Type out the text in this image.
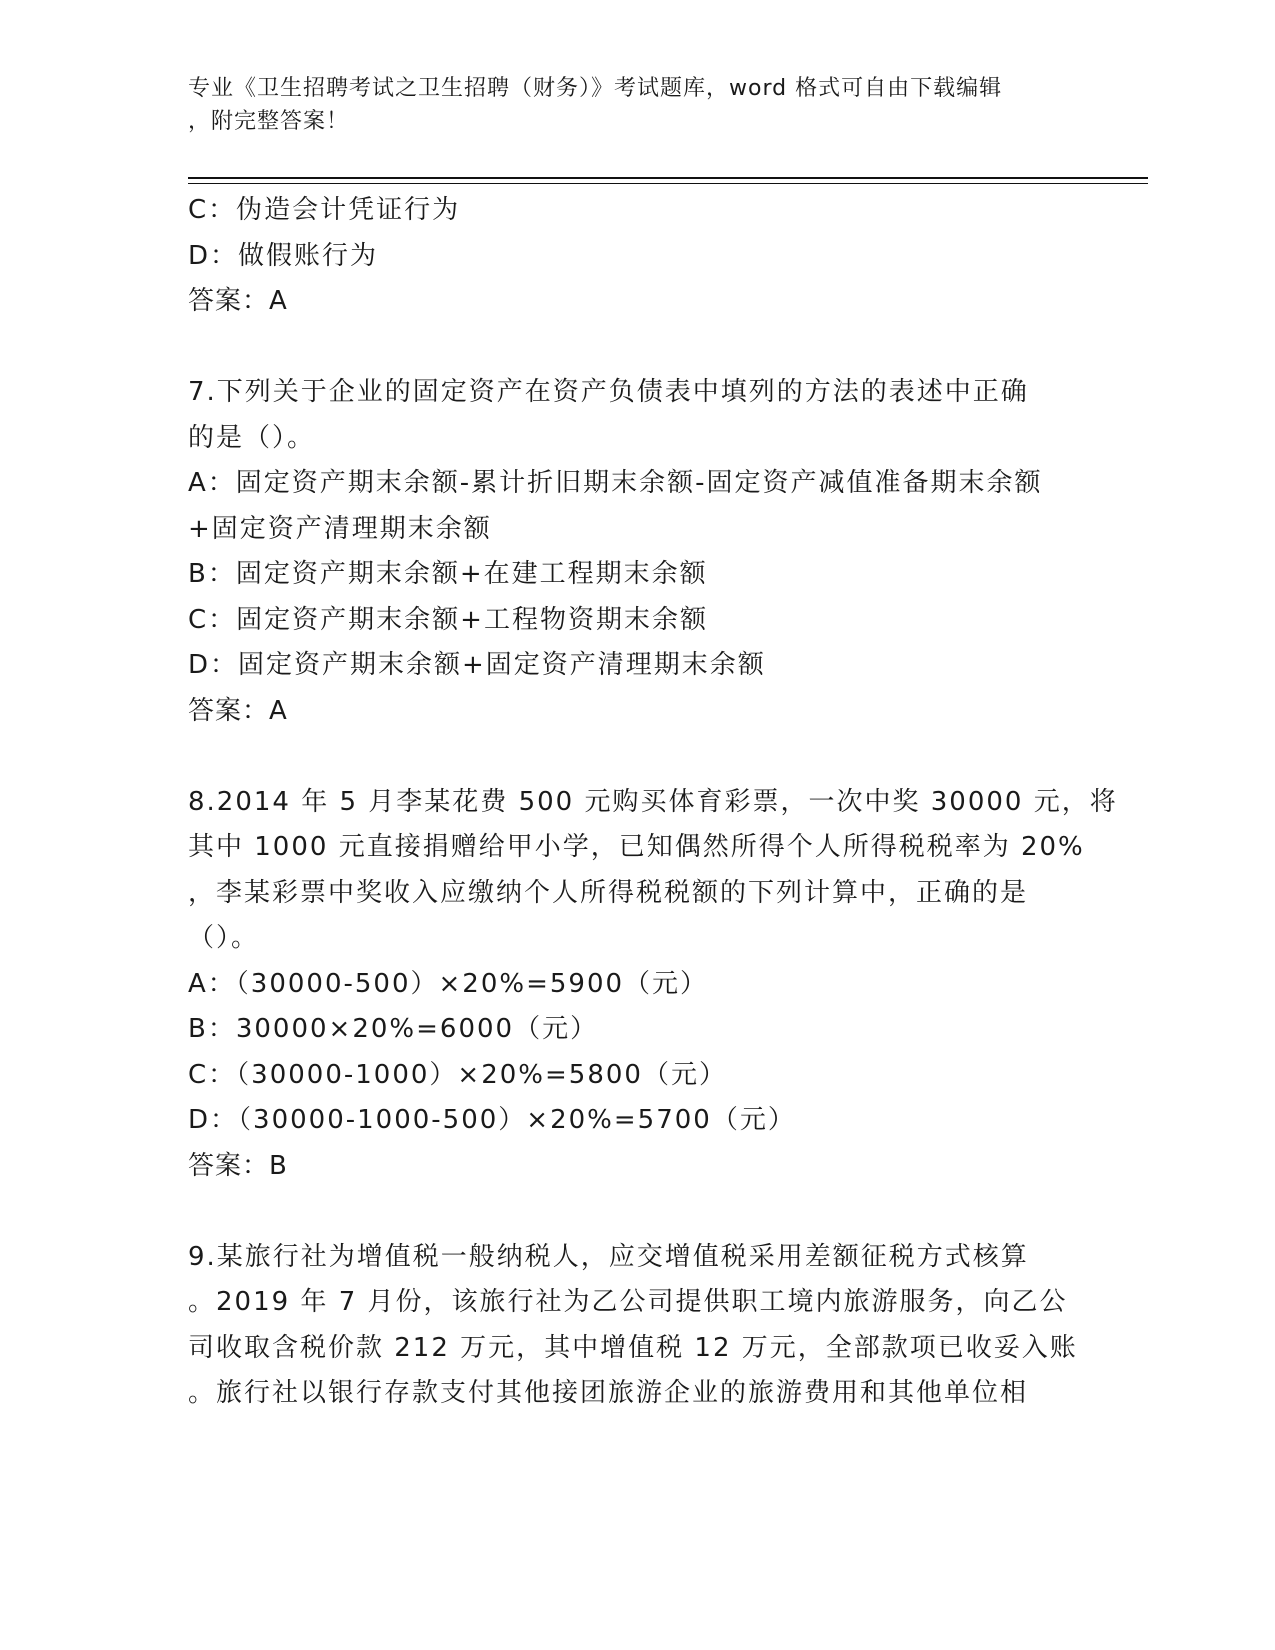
专业《卫生招聘考试之卫生招聘（财务）》考试题库，word 格式可自由下载编辑
，附完整答案！
C：伪造会计凭证行为
D：做假账行为
答案：A
7.下列关于企业的固定资产在资产负债表中填列的方法的表述中正确
的是（）。
A：固定资产期末余额-累计折旧期末余额-固定资产减值准备期末余额
+固定资产清理期末余额
B：固定资产期末余额+在建工程期末余额
C：固定资产期末余额+工程物资期末余额
D：固定资产期末余额+固定资产清理期末余额
答案：A
8.2014 年 5 月李某花费 500 元购买体育彩票，一次中奖 30000 元，将
其中 1000 元直接捐赠给甲小学，已知偶然所得个人所得税税率为 20%
，李某彩票中奖收入应缴纳个人所得税税额的下列计算中，正确的是
（）。
A：（30000-500）×20%=5900（元）
B：30000×20%=6000（元）
C：（30000-1000）×20%=5800（元）
D：（30000-1000-500）×20%=5700（元）
答案：B
9.某旅行社为增值税一般纳税人，应交增值税采用差额征税方式核算
。2019 年 7 月份，该旅行社为乙公司提供职工境内旅游服务，向乙公
司收取含税价款 212 万元，其中增值税 12 万元，全部款项已收妥入账
。旅行社以银行存款支付其他接团旅游企业的旅游费用和其他单位相
